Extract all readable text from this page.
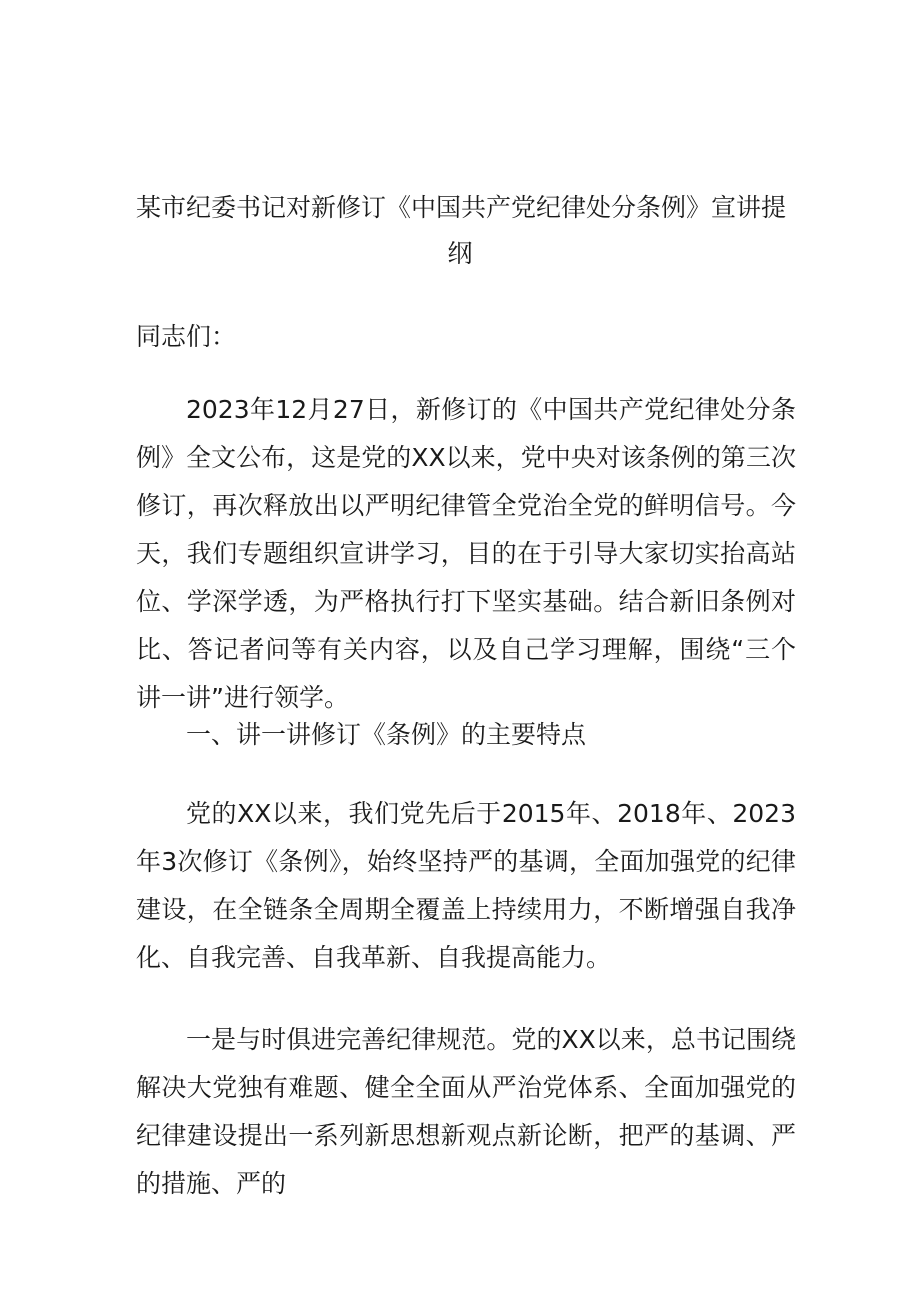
某市纪委书记对新修订《中国共产党纪律处分条例》宣讲提
纲
同志们：
2023年12月27日，新修订的《中国共产党纪律处分条例》全文公布，这是党的XX以来，党中央对该条例的第三次修订，再次释放出以严明纪律管全党治全党的鲜明信号。今天，我们专题组织宣讲学习，目的在于引导大家切实抬高站位、学深学透，为严格执行打下坚实基础。结合新旧条例对比、答记者问等有关内容，以及自己学习理解，围绕“三个讲一讲”进行领学。
一、讲一讲修订《条例》的主要特点
党的XX以来，我们党先后于2015年、2018年、2023年3次修订《条例》，始终坚持严的基调，全面加强党的纪律建设，在全链条全周期全覆盖上持续用力，不断增强自我净化、自我完善、自我革新、自我提高能力。
一是与时俱进完善纪律规范。党的XX以来，总书记围绕解决大党独有难题、健全全面从严治党体系、全面加强党的纪律建设提出一系列新思想新观点新论断，把严的基调、严的措施、严的
